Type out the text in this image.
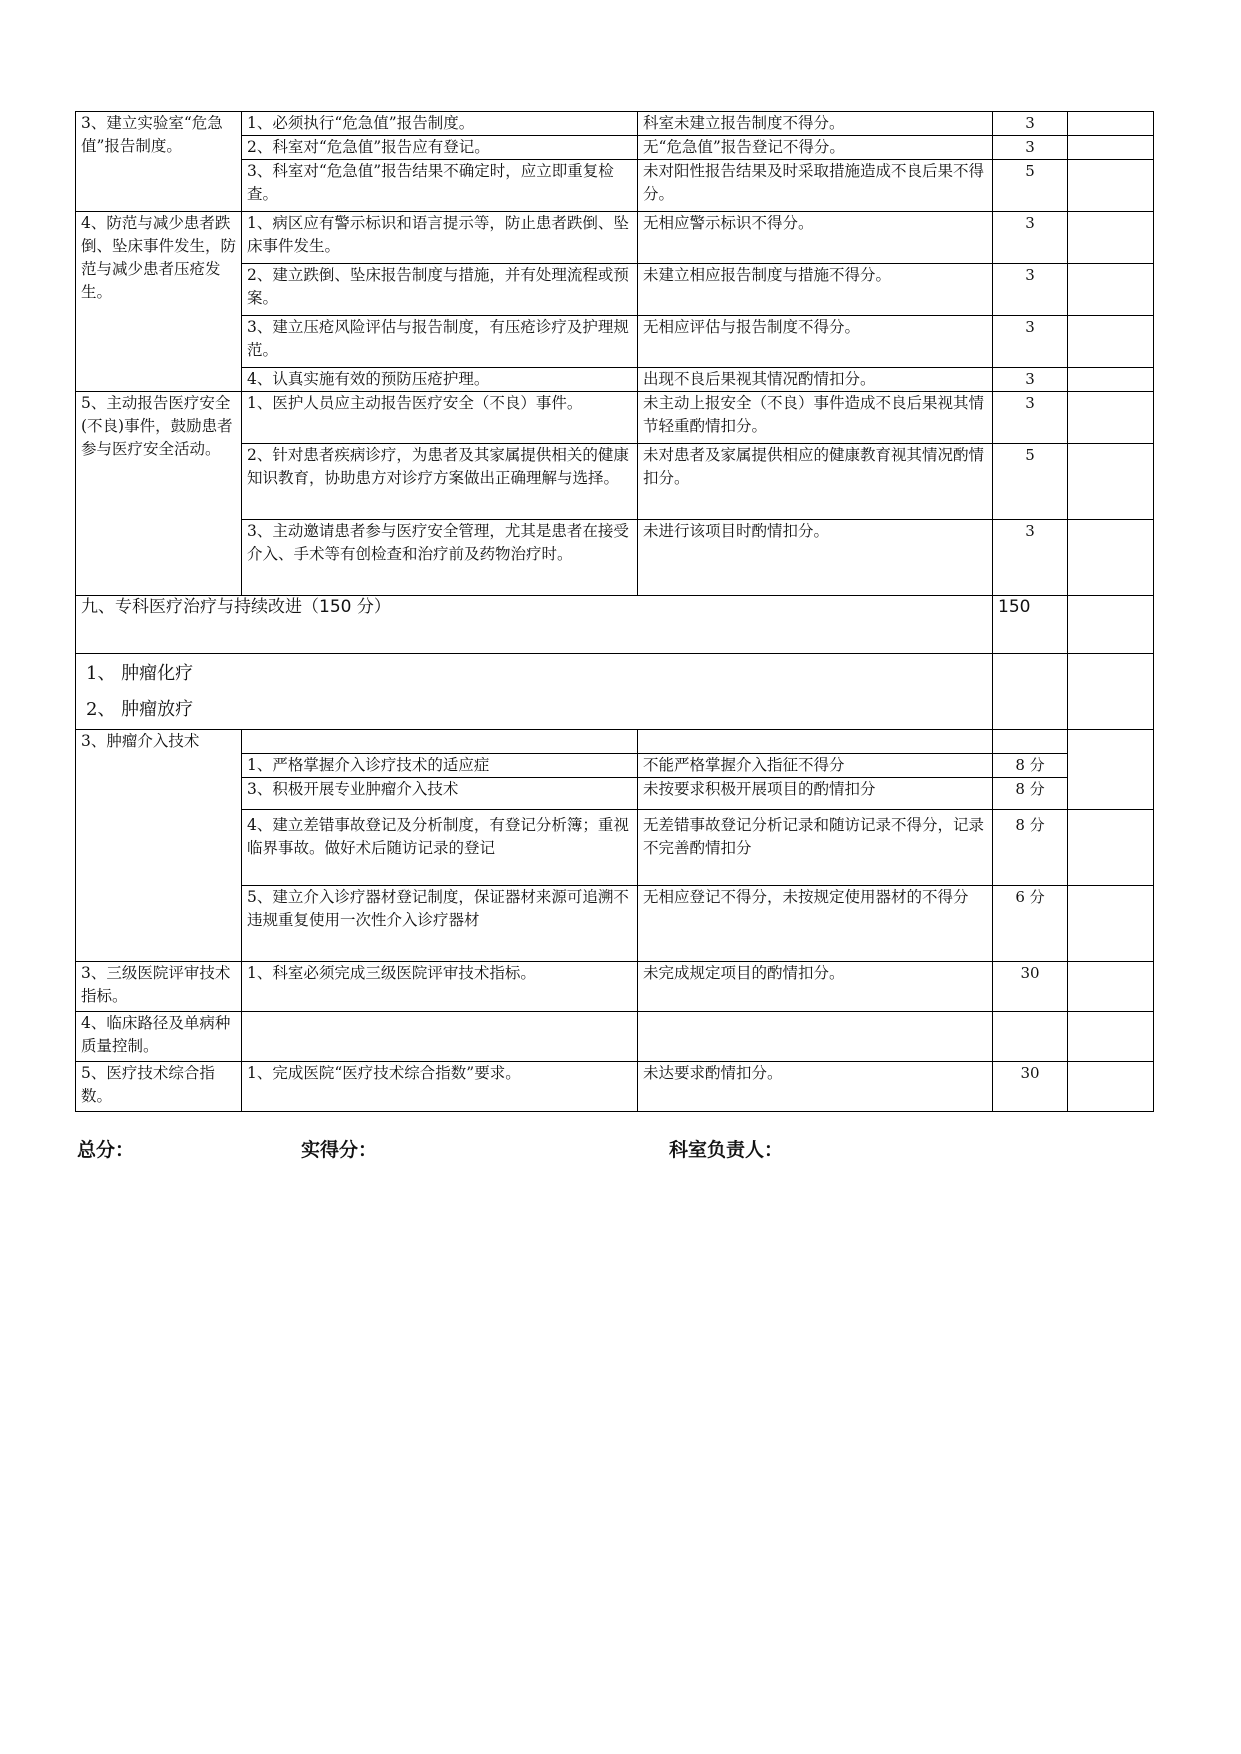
3、建立实验室“危急值”报告制度。	1、必须执行“危急值”报告制度。	科室未建立报告制度不得分。	3	
	2、科室对“危急值”报告应有登记。	无“危急值”报告登记不得分。	3	
	3、科室对“危急值”报告结果不确定时，应立即重复检查。	未对阳性报告结果及时采取措施造成不良后果不得分。	5	
4、防范与减少患者跌倒、坠床事件发生，防范与减少患者压疮发生。	1、病区应有警示标识和语言提示等，防止患者跌倒、坠床事件发生。	无相应警示标识不得分。	3	
	2、建立跌倒、坠床报告制度与措施，并有处理流程或预案。	未建立相应报告制度与措施不得分。	3	
	3、建立压疮风险评估与报告制度，有压疮诊疗及护理规范。	无相应评估与报告制度不得分。	3	
	4、认真实施有效的预防压疮护理。	出现不良后果视其情况酌情扣分。	3	
5、主动报告医疗安全(不良)事件，鼓励患者参与医疗安全活动。	1、医护人员应主动报告医疗安全（不良）事件。	未主动上报安全（不良）事件造成不良后果视其情节轻重酌情扣分。	3	
	2、针对患者疾病诊疗，为患者及其家属提供相关的健康知识教育，协助患方对诊疗方案做出正确理解与选择。	未对患者及家属提供相应的健康教育视其情况酌情扣分。	5	
	3、主动邀请患者参与医疗安全管理，尤其是患者在接受介入、手术等有创检查和治疗前及药物治疗时。	未进行该项目时酌情扣分。	3	
九、专科医疗治疗与持续改进（150 分）			150	

1、 肿瘤化疗
2、 肿瘤放疗				

3、肿瘤介入技术				
	1、严格掌握介入诊疗技术的适应症	不能严格掌握介入指征不得分	8 分	
	3、积极开展专业肿瘤介入技术	未按要求积极开展项目的酌情扣分	8 分	
	4、建立差错事故登记及分析制度，有登记分析簿；重视临界事故。做好术后随访记录的登记	无差错事故登记分析记录和随访记录不得分，记录不完善酌情扣分	8 分	
	5、建立介入诊疗器材登记制度，保证器材来源可追溯不违规重复使用一次性介入诊疗器材	无相应登记不得分，未按规定使用器材的不得分	6 分	
3、三级医院评审技术指标。	1、科室必须完成三级医院评审技术指标。	未完成规定项目的酌情扣分。	30	
4、临床路径及单病种质量控制。				
5、医疗技术综合指数。	1、完成医院“医疗技术综合指数”要求。	未达要求酌情扣分。	30	
总分：	实得分：	科室负责人：
